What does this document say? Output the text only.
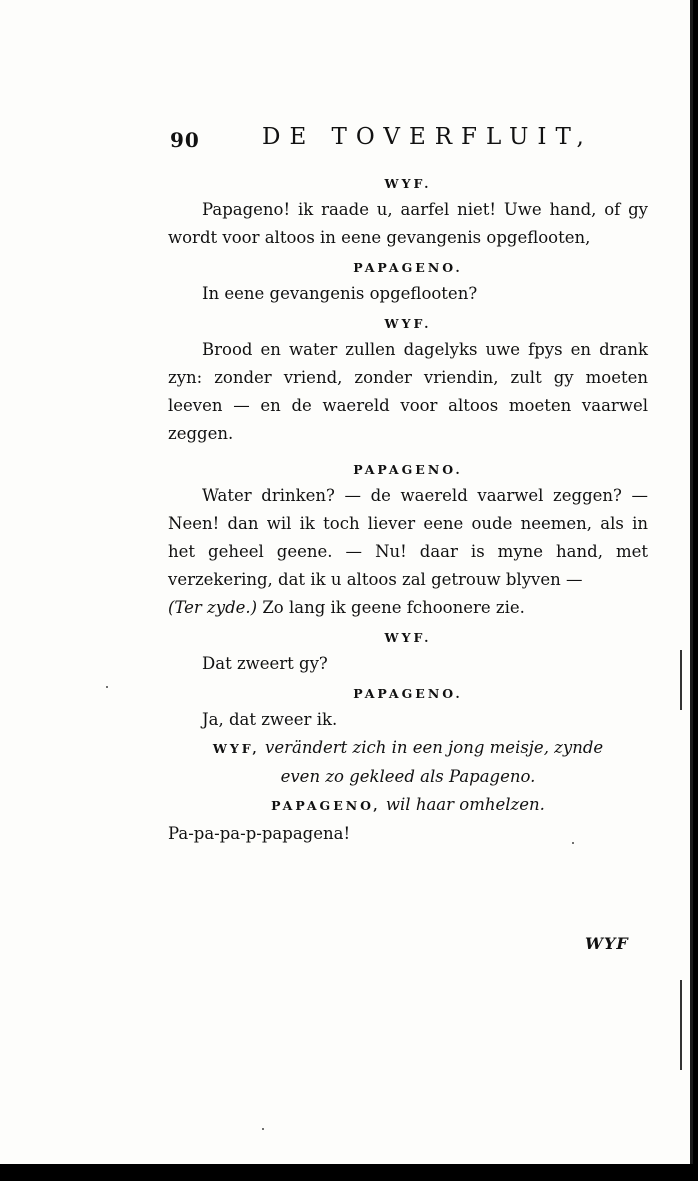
90	DE TOVERFLUIT,

WYF.

Papageno! ik raade u, aarfel niet! Uwe hand, of gy wordt voor altoos in eene gevangenis opgeflooten,

PAPAGENO.

In eene gevangenis opgeflooten?

WYF.

Brood en water zullen dagelyks uwe fpys en drank zyn: zonder vriend, zonder vriendin, zult gy moeten leeven — en de waereld voor altoos moeten vaarwel zeggen.

PAPAGENO.

Water drinken? — de waereld vaarwel zeggen? — Neen! dan wil ik toch liever eene oude neemen, als in het geheel geene. — Nu! daar is myne hand, met verzekering, dat ik u altoos zal getrouw blyven —

(Ter zyde.) Zo lang ik geene fchoonere zie.

WYF.

Dat zweert gy?

PAPAGENO.

Ja, dat zweer ik.

WYF, verändert zich in een jong meisje, zynde

even zo gekleed als Papageno.

PAPAGENO, wil haar omhelzen.

Pa-pa-pa-p-papagena!

WYF
